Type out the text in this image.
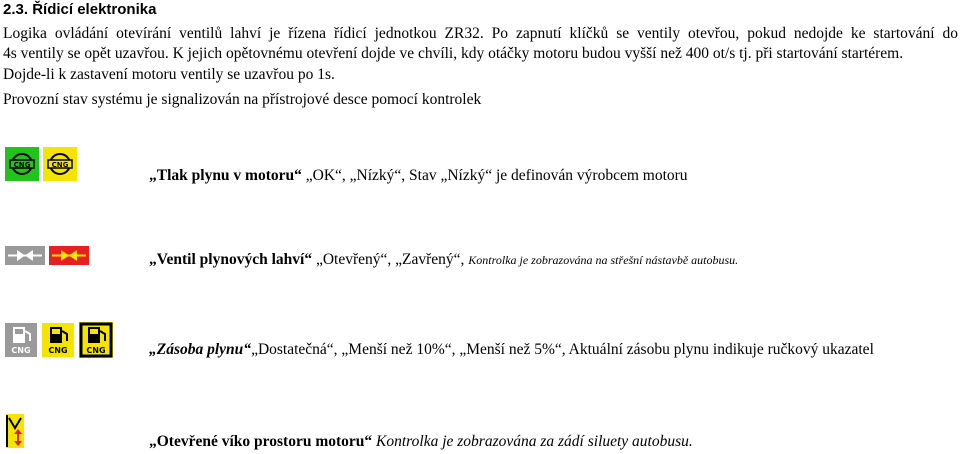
2.3. Řídicí elektronika
Logika ovládání otevírání ventilů lahví je řízena řídicí jednotkou ZR32. Po zapnutí klíčků se ventily otevřou, pokud nedojde ke startování do
4s ventily se opět uzavřou. K jejich opětovnému otevření dojde ve chvíli, kdy otáčky motoru budou vyšší než 400 ot/s tj. při startování startérem.
Dojde-li k zastavení motoru ventily se uzavřou po 1s.
Provozní stav systému je signalizován na přístrojové desce pomocí kontrolek
CNG	CNG
„Tlak plynu v motoru“ „OK“, „Nízký“, Stav „Nízký“ je definován výrobcem motoru
„Ventil plynových lahví“ „Otevřený“, „Zavřený“, Kontrolka je zobrazována na střešní nástavbě autobusu.
CNG CNG CNG	„Zásoba plynu“„Dostatečná“, „Menší než 10%“, „Menší než 5%“, Aktuální zásobu plynu indikuje ručkový ukazatel
„Otevřené víko prostoru motoru“ Kontrolka je zobrazována za zádí siluety autobusu.
